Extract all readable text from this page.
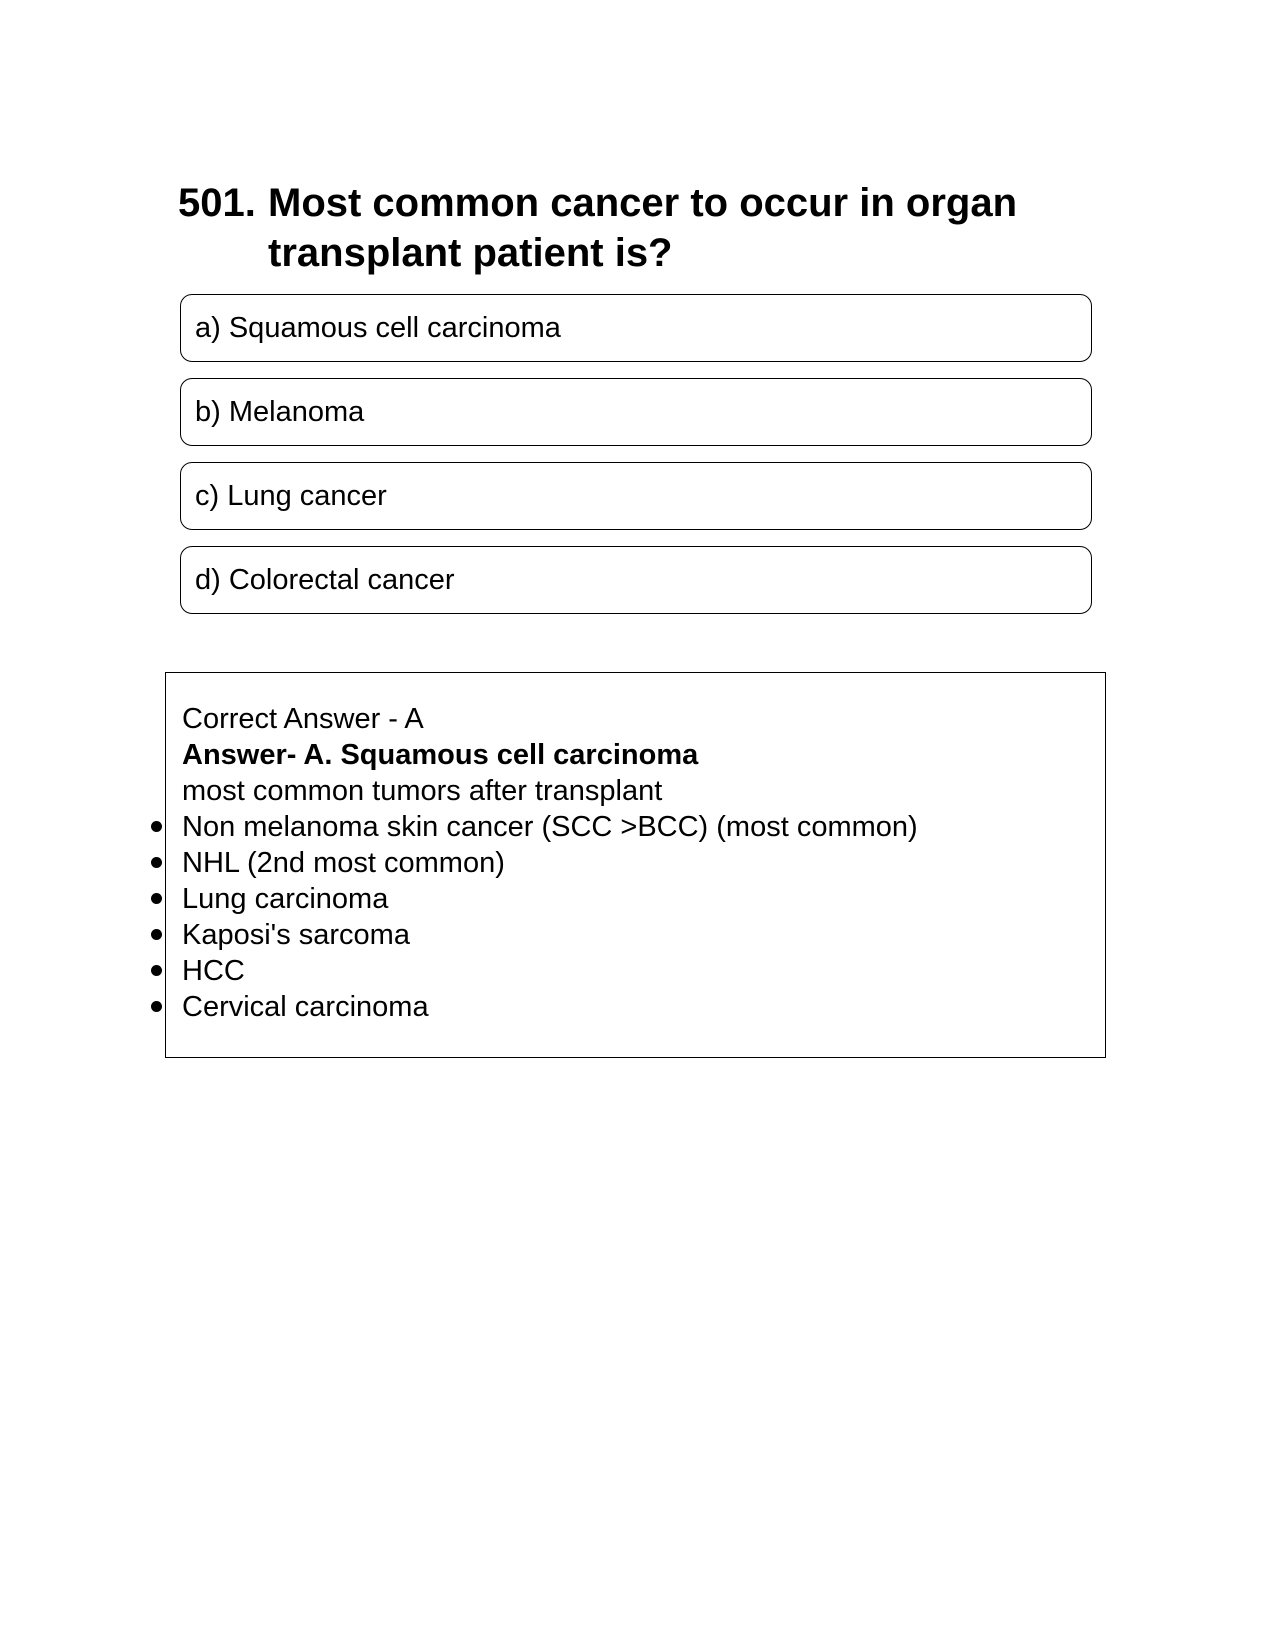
501. Most common cancer to occur in organ transplant patient is?
a) Squamous cell carcinoma
b) Melanoma
c) Lung cancer
d) Colorectal cancer
Correct Answer - A
Answer- A. Squamous cell carcinoma
most common tumors after transplant
Non melanoma skin cancer (SCC >BCC) (most common)
NHL (2nd most common)
Lung carcinoma
Kaposi's sarcoma
HCC
Cervical carcinoma
